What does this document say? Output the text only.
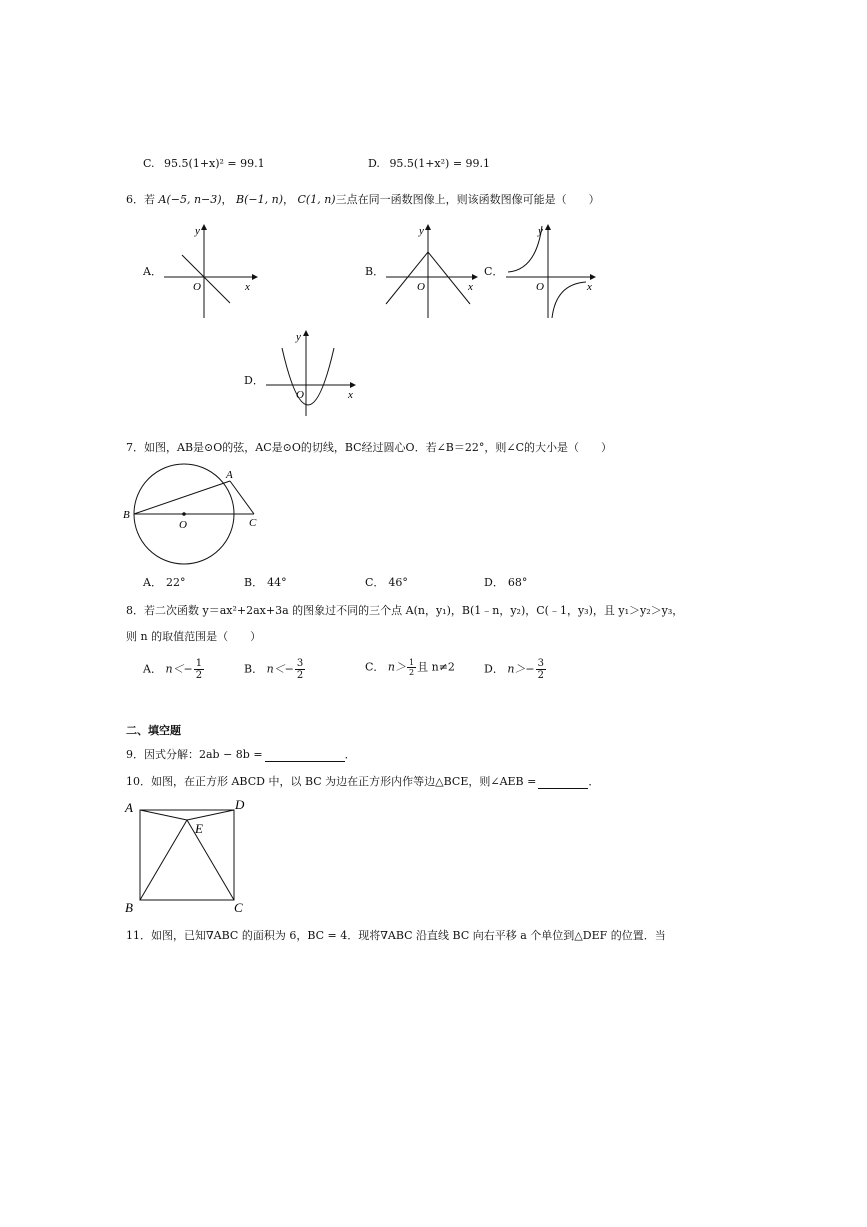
C. 95.5(1+x)² = 99.1	D. 95.5(1+x²) = 99.1
6．若 A(−5, n−3)， B(−1, n)， C(1, n)三点在同一函数图像上，则该函数图像可能是（　　）
A．
x
y
O
B．
x
y
O
C．
x
y
O
D．
x
y
O
7．如图，AB是⊙O的弦，AC是⊙O的切线，BC经过圆心O．若∠B＝22°，则∠C的大小是（　　）
A
B
C
O
A． 22°	B． 44°	C． 46°	D． 68°
8．若二次函数 y＝ax²+2ax+3a 的图象过不同的三个点 A(n，y₁)，B(1﹣n，y₂)，C(﹣1，y₃)，且 y₁＞y₂＞y₃，
则 n 的取值范围是（　　）
A． $n<- \frac{1}{2}$	B． $n<- \frac{3}{2}$	C． $n> \frac{1}{2}$ 且 n≠2	D． $n>- \frac{3}{2}$
二、填空题
9．因式分解：2ab − 8b =	．
10．如图，在正方形 ABCD 中，以 BC 为边在正方形内作等边△BCE，则∠AEB =	．
A	D
E
B	C
11．如图，已知∇ABC 的面积为 6，BC = 4．现将∇ABC 沿直线 BC 向右平移 a 个单位到△DEF 的位置．当
